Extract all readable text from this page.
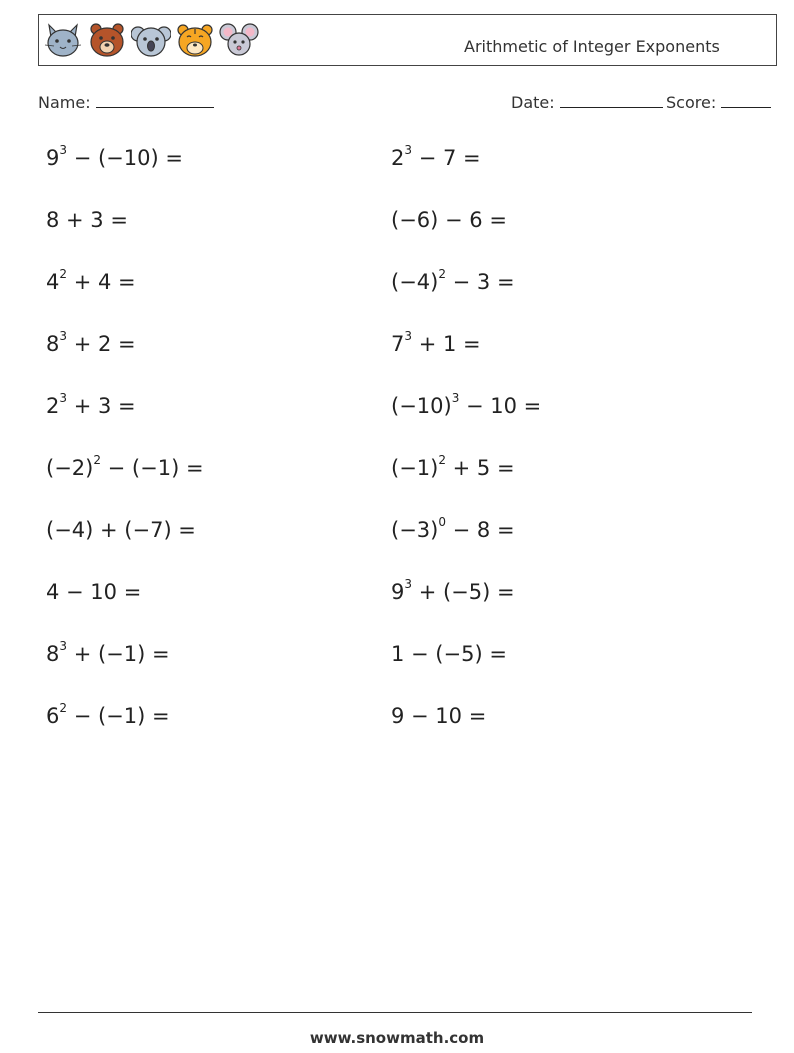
Arithmetic of Integer Exponents
Name:	Date:	Score:
$9^3 - (-10)$ =
8 + 3 =
$4^2 + 4$ =
$8^3 + 2$ =
$2^3 + 3$ =
$(-2)^2 - (-1)$ =
(−4) + (−7) =
4 − 10 =
$8^3 + (-1)$ =
$6^2 - (-1)$ =
$2^3 - 7$ =
(−6) − 6 =
$(-4)^2 - 3$ =
$7^3 + 1$ =
$(-10)^3 - 10$ =
$(-1)^2 + 5$ =
$(-3)^0 - 8$ =
$9^3 + (-5)$ =
1 − (−5) =
9 − 10 =
www.snowmath.com
